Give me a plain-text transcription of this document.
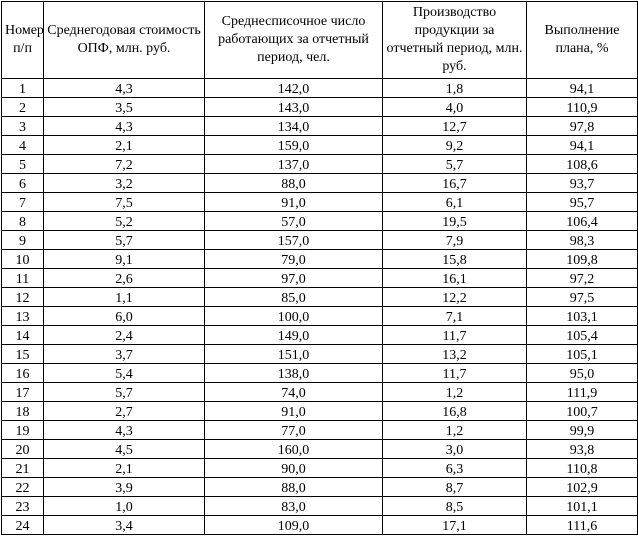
Номер п/п	Среднегодовая стоимость ОПФ, млн. руб.	Среднесписочное число работающих за отчетный период, чел.	Производство продукции за отчетный период, млн. руб.	Выполнение плана, %
1	4,3	142,0	1,8	94,1
2	3,5	143,0	4,0	110,9
3	4,3	134,0	12,7	97,8
4	2,1	159,0	9,2	94,1
5	7,2	137,0	5,7	108,6
6	3,2	88,0	16,7	93,7
7	7,5	91,0	6,1	95,7
8	5,2	57,0	19,5	106,4
9	5,7	157,0	7,9	98,3
10	9,1	79,0	15,8	109,8
11	2,6	97,0	16,1	97,2
12	1,1	85,0	12,2	97,5
13	6,0	100,0	7,1	103,1
14	2,4	149,0	11,7	105,4
15	3,7	151,0	13,2	105,1
16	5,4	138,0	11,7	95,0
17	5,7	74,0	1,2	111,9
18	2,7	91,0	16,8	100,7
19	4,3	77,0	1,2	99,9
20	4,5	160,0	3,0	93,8
21	2,1	90,0	6,3	110,8
22	3,9	88,0	8,7	102,9
23	1,0	83,0	8,5	101,1
24	3,4	109,0	17,1	111,6
